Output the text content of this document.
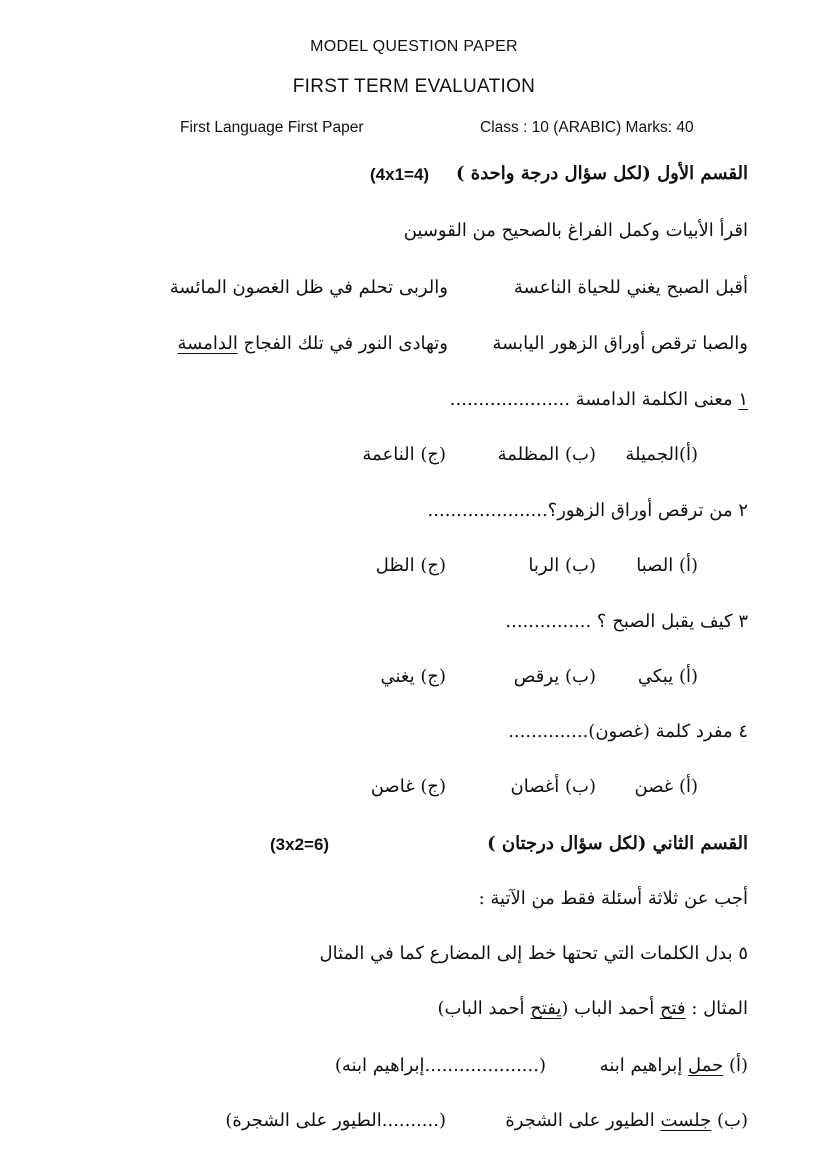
MODEL QUESTION PAPER
FIRST TERM EVALUATION
First Language First Paper	Class : 10 (ARABIC) Marks: 40
القسم الأول (لكل سؤال درجة واحدة )
(4x1=4)
اقرأ الأبيات وكمل الفراغ بالصحيح من القوسين
أقبل الصبح يغني للحياة الناعسة
والربى تحلم في ظل الغصون المائسة
والصبا ترقص أوراق الزهور اليابسة
وتهادى النور في تلك الفجاج الدامسة
١ معنى الكلمة الدامسة .....................
(أ)الجميلة
(ب) المظلمة
(ج) الناعمة
٢ من ترقص أوراق الزهور؟.....................
(أ) الصبا
(ب) الربا
(ج) الظل
٣ كيف يقبل الصبح ؟ ...............
(أ) يبكي
(ب) يرقص
(ج) يغني
٤ مفرد كلمة (غصون)..............
(أ) غصن
(ب) أغصان
(ج) غاصن
القسم الثاني (لكل سؤال درجتان )
(3x2=6)
أجب عن ثلاثة أسئلة فقط من الآتية :
٥ بدل الكلمات التي تحتها خط إلى المضارع كما في المثال
المثال : فتح أحمد الباب (يفتح أحمد الباب)
(أ) حمل إبراهيم ابنه
(....................إبراهيم ابنه)
(ب) جلست الطيور على الشجرة
(..........الطيور على الشجرة)
